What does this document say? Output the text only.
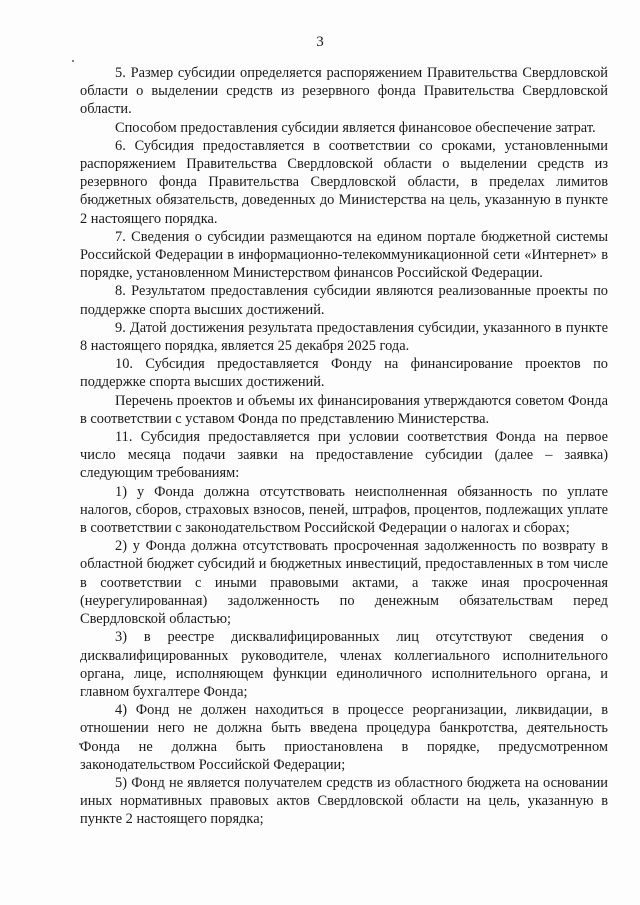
3

5. Размер субсидии определяется распоряжением Правительства Свердловской области о выделении средств из резервного фонда Правительства Свердловской области.

Способом предоставления субсидии является финансовое обеспечение затрат.

6. Субсидия предоставляется в соответствии со сроками, установленными распоряжением Правительства Свердловской области о выделении средств из резервного фонда Правительства Свердловской области, в пределах лимитов бюджетных обязательств, доведенных до Министерства на цель, указанную в пункте 2 настоящего порядка.

7. Сведения о субсидии размещаются на едином портале бюджетной системы Российской Федерации в информационно-телекоммуникационной сети «Интернет» в порядке, установленном Министерством финансов Российской Федерации.

8. Результатом предоставления субсидии являются реализованные проекты по поддержке спорта высших достижений.

9. Датой достижения результата предоставления субсидии, указанного в пункте 8 настоящего порядка, является 25 декабря 2025 года.

10. Субсидия предоставляется Фонду на финансирование проектов по поддержке спорта высших достижений.

Перечень проектов и объемы их финансирования утверждаются советом Фонда в соответствии с уставом Фонда по представлению Министерства.

11. Субсидия предоставляется при условии соответствия Фонда на первое число месяца подачи заявки на предоставление субсидии (далее – заявка) следующим требованиям:

1) у Фонда должна отсутствовать неисполненная обязанность по уплате налогов, сборов, страховых взносов, пеней, штрафов, процентов, подлежащих уплате в соответствии с законодательством Российской Федерации о налогах и сборах;

2) у Фонда должна отсутствовать просроченная задолженность по возврату в областной бюджет субсидий и бюджетных инвестиций, предоставленных в том числе в соответствии с иными правовыми актами, а также иная просроченная (неурегулированная) задолженность по денежным обязательствам перед Свердловской областью;

3) в реестре дисквалифицированных лиц отсутствуют сведения о дисквалифицированных руководителе, членах коллегиального исполнительного органа, лице, исполняющем функции единоличного исполнительного органа, и главном бухгалтере Фонда;

4) Фонд не должен находиться в процессе реорганизации, ликвидации, в отношении него не должна быть введена процедура банкротства, деятельность Фонда не должна быть приостановлена в порядке, предусмотренном законодательством Российской Федерации;

5) Фонд не является получателем средств из областного бюджета на основании иных нормативных правовых актов Свердловской области на цель, указанную в пункте 2 настоящего порядка;
